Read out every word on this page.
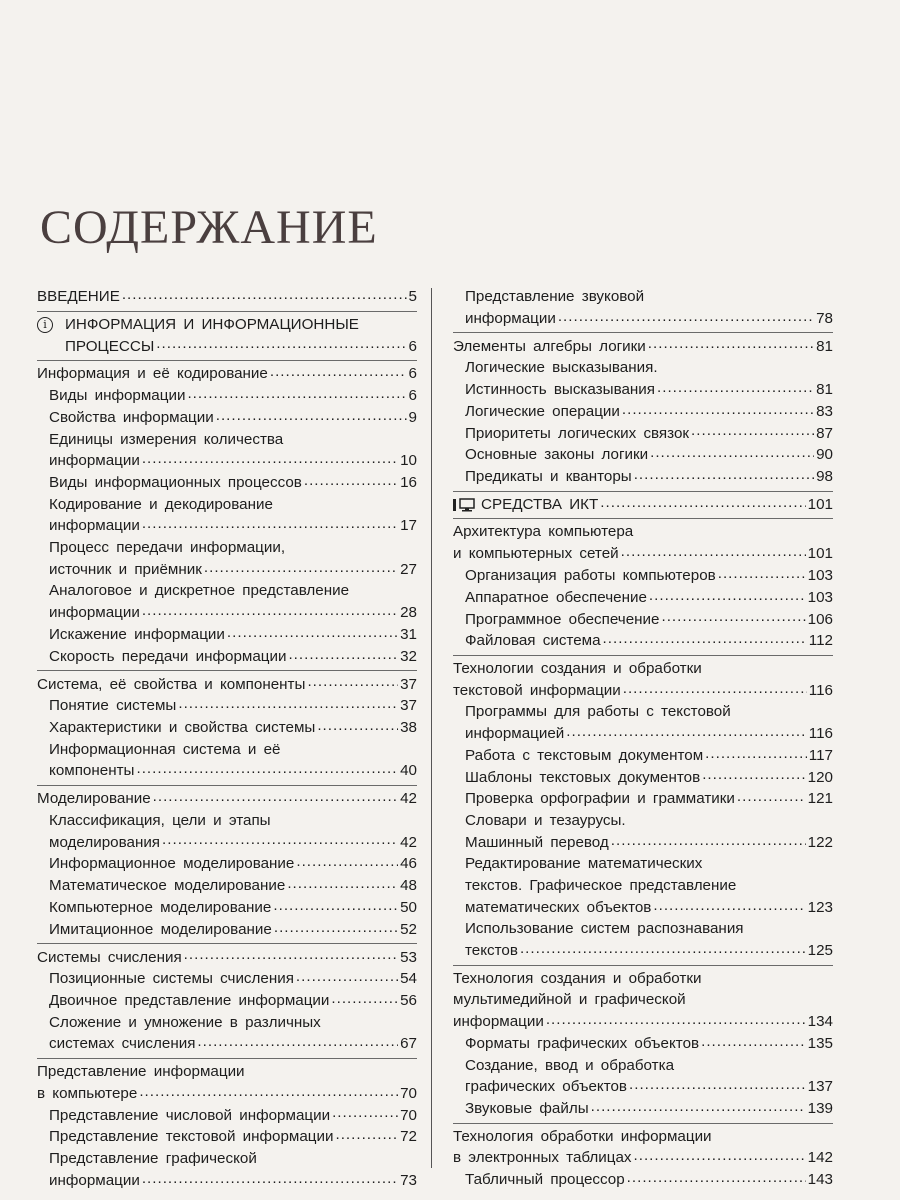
СОДЕРЖАНИЕ
ВВЕДЕНИЕ .....	5
i	ИНФОРМАЦИЯ И ИНФОРМАЦИОННЫЕ
ПРОЦЕССЫ .....	6
Информация и её кодирование .....	6
Виды информации .....	6
Свойства информации .....	9
Единицы измерения количества
информации .....	10
Виды информационных процессов .....	16
Кодирование и декодирование
информации .....	17
Процесс передачи информации,
источник и приёмник .....	27
Аналоговое и дискретное представление
информации .....	28
Искажение информации .....	31
Скорость передачи информации .....	32
Система, её свойства и компоненты .....	37
Понятие системы .....	37
Характеристики и свойства системы .....	38
Информационная система и её
компоненты .....	40
Моделирование .....	42
Классификация, цели и этапы
моделирования .....	42
Информационное моделирование .....	46
Математическое моделирование .....	48
Компьютерное моделирование .....	50
Имитационное моделирование .....	52
Системы счисления .....	53
Позиционные системы счисления .....	54
Двоичное представление информации .....	56
Сложение и умножение в различных
системах счисления .....	67
Представление информации
в компьютере .....	70
Представление числовой информации .....	70
Представление текстовой информации .....	72
Представление графической
информации .....	73
Представление звуковой
информации .....	78
Элементы алгебры логики .....	81
Логические высказывания.
Истинность высказывания .....	81
Логические операции .....	83
Приоритеты логических связок .....	87
Основные законы логики .....	90
Предикаты и кванторы .....	98
СРЕДСТВА ИКТ .....	101
Архитектура компьютера
и компьютерных сетей .....	101
Организация работы компьютеров .....	103
Аппаратное обеспечение .....	103
Программное обеспечение .....	106
Файловая система .....	112
Технологии создания и обработки
текстовой информации .....	116
Программы для работы с текстовой
информацией .....	116
Работа с текстовым документом .....	117
Шаблоны текстовых документов .....	120
Проверка орфографии и грамматики .....	121
Словари и тезаурусы.
Машинный перевод .....	122
Редактирование математических
текстов. Графическое представление
математических объектов .....	123
Использование систем распознавания
текстов .....	125
Технология создания и обработки
мультимедийной и графической
информации .....	134
Форматы графических объектов .....	135
Создание, ввод и обработка
графических объектов .....	137
Звуковые файлы .....	139
Технология обработки информации
в электронных таблицах .....	142
Табличный процессор .....	143
